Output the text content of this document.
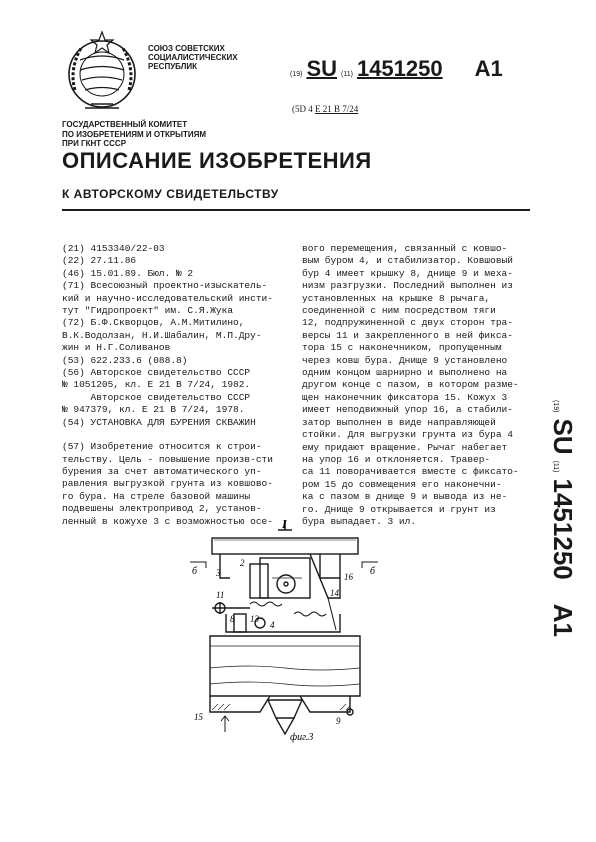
СОЮЗ СОВЕТСКИХ
СОЦИАЛИСТИЧЕСКИХ
РЕСПУБЛИК
(19) SU (11) 1451250 A1
(5D 4 E 21 B 7/24
ГОСУДАРСТВЕННЫЙ КОМИТЕТ
ПО ИЗОБРЕТЕНИЯМ И ОТКРЫТИЯМ
ПРИ ГКНТ СССР
ОПИСАНИЕ ИЗОБРЕТЕНИЯ
К АВТОРСКОМУ СВИДЕТЕЛЬСТВУ

(21) 4153340/22-03

(22) 27.11.86

(46) 15.01.89. Бюл. № 2

(71) Всесоюзный проектно-изыскатель-

кий и научно-исследовательский инсти-

тут "Гидропроект" им. С.Я.Жука

(72) Б.Ф.Скворцов, А.М.Митилино,

В.К.Водолзан, Н.И.Шабалин, М.П.Дру-

жин и Н.Г.Соливанов

(53) 622.233.6 (088.8)

(56) Авторское свидетельство СССР

№ 1051205, кл. Е 21 В 7/24, 1982.

Авторское свидетельство СССР

№ 947379, кл. Е 21 В 7/24, 1978.

(54) УСТАНОВКА ДЛЯ БУРЕНИЯ СКВАЖИН

(57) Изобретение относится к строи-

тельству. Цель - повышение произв-сти

бурения за счет автоматического уп-

равления выгрузкой грунта из ковшово-

го бура. На стреле базовой машины

подвешены электропривод 2, установ-

ленный в кожухе 3 с возможностью осе-

вого перемещения, связанный с ковшо-

вым буром 4, и стабилизатор. Ковшовый

бур 4 имеет крышку 8, днище 9 и меха-

низм разгрузки. Последний выполнен из

установленных на крышке 8 рычага,

соединенной с ним посредством тяги

12, подпружиненной с двух сторон тра-

версы 11 и закрепленного в ней фикса-

тора 15 с наконечником, пропущенным

через ковш бура. Днище 9 установлено

одним концом шарнирно и выполнено на

другом конце с пазом, в котором разме-

щен наконечник фиксатора 15. Кожух 3

имеет неподвижный упор 16, а стабили-

затор выполнен в виде направляющей

стойки. Для выгрузки грунта из бура 4

ему придают вращение. Рычаг набегает

на упор 16 и отклоняется. Травер-

са 11 поворачивается вместе с фиксато-

ром 15 до совмещения его наконечни-

ка с пазом в днище 9 и вывода из не-

го. Днище 9 открывается и грунт из

бура выпадает. 3 ил.

(19)
SU
(11)
1451250
A1
I
б	б
3
2
16
11	14
8 13
4
15	9
фиг.3
